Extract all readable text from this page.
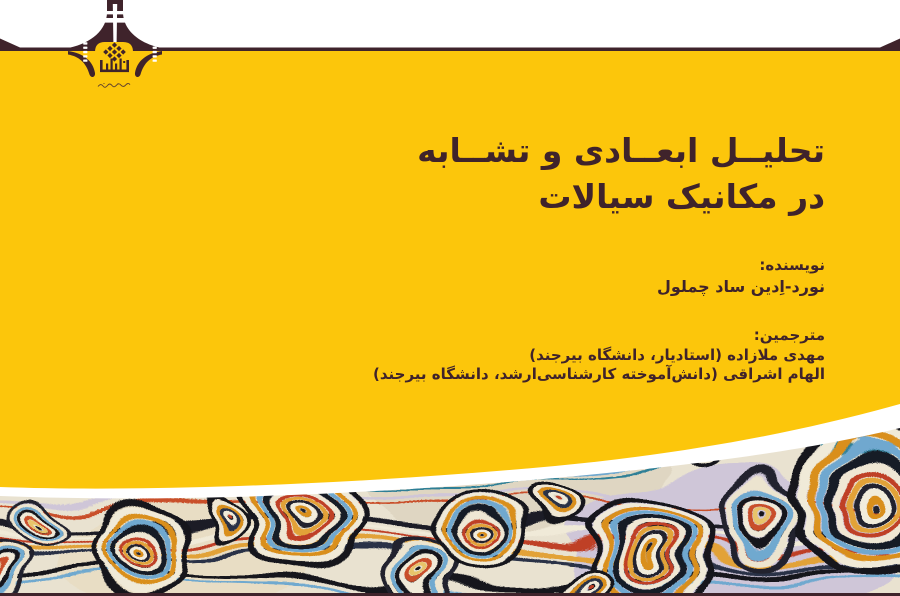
تحلیــل ابعــادی و تشــابه
در مکانیک سیالات
نویسنده:
نورد-اِدین ساد چملول
مترجمین:
مهدی ملازاده (استادیار، دانشگاه بیرجند)
الهام اشراقی (دانش‌آموخته کارشناسی‌ارشد، دانشگاه بیرجند)
